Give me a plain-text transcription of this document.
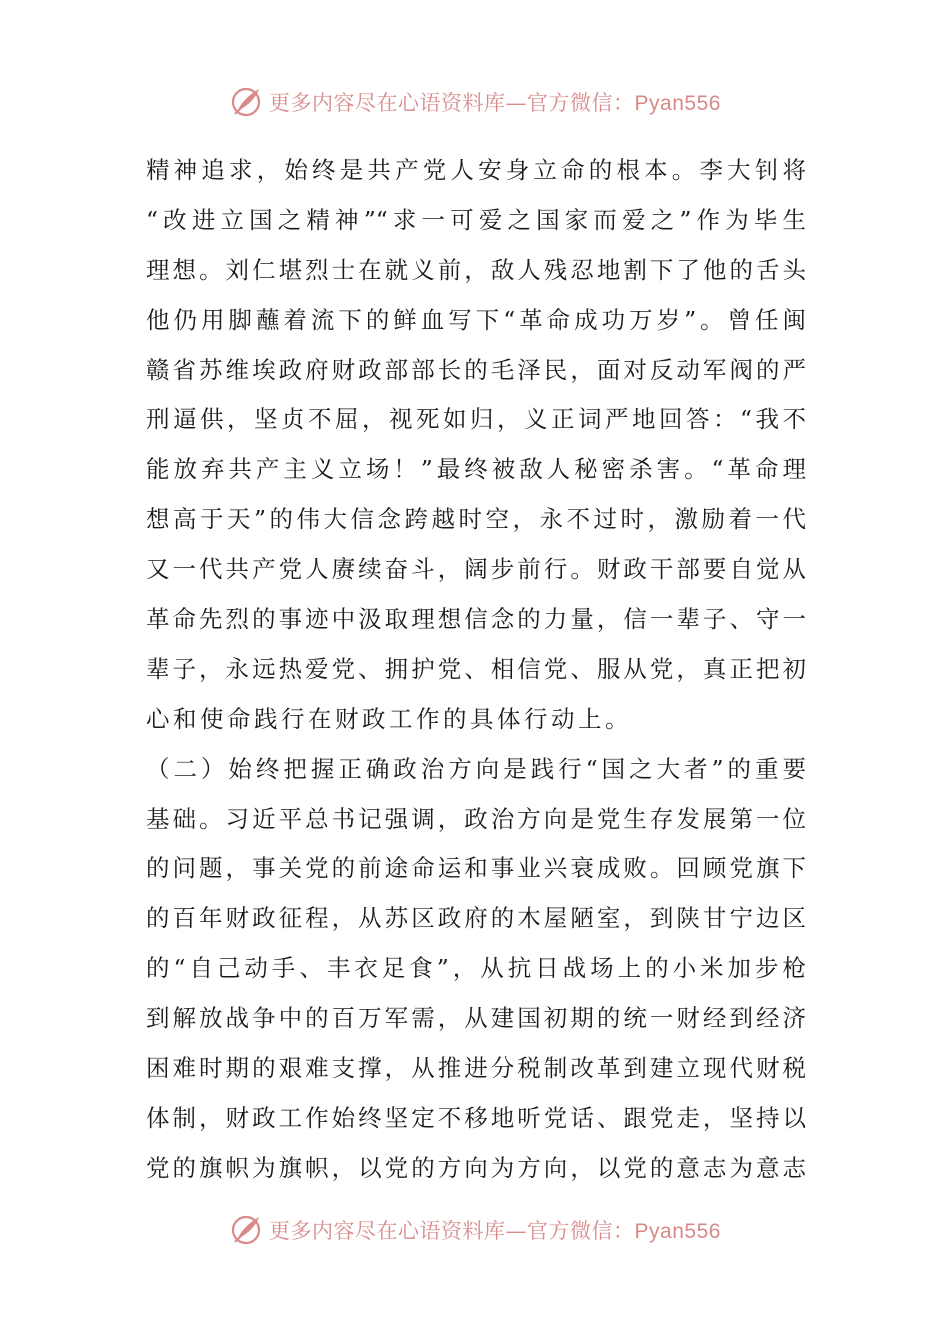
更多内容尽在心语资料库—官方微信：Pyan556
精神追求，始终是共产党人安身立命的根本。李大钊将
“改进立国之精神”“求一可爱之国家而爱之”作为毕生
理想。刘仁堪烈士在就义前，敌人残忍地割下了他的舌头
他仍用脚蘸着流下的鲜血写下“革命成功万岁”。曾任闽
赣省苏维埃政府财政部部长的毛泽民，面对反动军阀的严
刑逼供，坚贞不屈，视死如归，义正词严地回答：“我不
能放弃共产主义立场！”最终被敌人秘密杀害。“革命理
想高于天”的伟大信念跨越时空，永不过时，激励着一代
又一代共产党人赓续奋斗，阔步前行。财政干部要自觉从
革命先烈的事迹中汲取理想信念的力量，信一辈子、守一
辈子，永远热爱党、拥护党、相信党、服从党，真正把初
心和使命践行在财政工作的具体行动上。
（二）始终把握正确政治方向是践行“国之大者”的重要
基础。习近平总书记强调，政治方向是党生存发展第一位
的问题，事关党的前途命运和事业兴衰成败。回顾党旗下
的百年财政征程，从苏区政府的木屋陋室，到陕甘宁边区
的“自己动手、丰衣足食”，从抗日战场上的小米加步枪
到解放战争中的百万军需，从建国初期的统一财经到经济
困难时期的艰难支撑，从推进分税制改革到建立现代财税
体制，财政工作始终坚定不移地听党话、跟党走，坚持以
党的旗帜为旗帜，以党的方向为方向，以党的意志为意志
更多内容尽在心语资料库—官方微信：Pyan556
